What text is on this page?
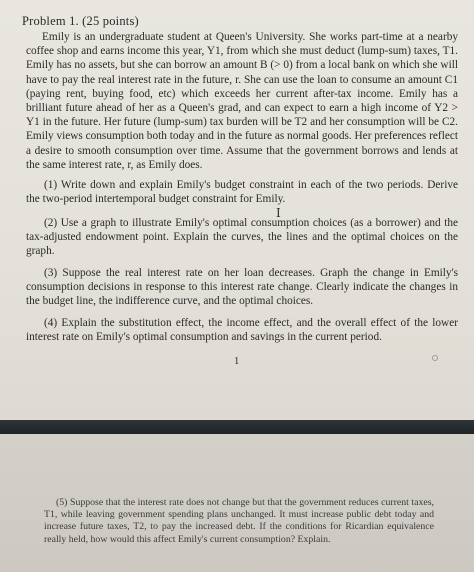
Problem 1. (25 points)
Emily is an undergraduate student at Queen's University. She works part-time at a nearby coffee shop and earns income this year, Y1, from which she must deduct (lump-sum) taxes, T1. Emily has no assets, but she can borrow an amount B (> 0) from a local bank on which she will have to pay the real interest rate in the future, r. She can use the loan to consume an amount C1 (paying rent, buying food, etc) which exceeds her current after-tax income. Emily has a brilliant future ahead of her as a Queen's grad, and can expect to earn a high income of Y2 > Y1 in the future. Her future (lump-sum) tax burden will be T2 and her consumption will be C2. Emily views consumption both today and in the future as normal goods. Her preferences reflect a desire to smooth consumption over time. Assume that the government borrows and lends at the same interest rate, r, as Emily does.
(1) Write down and explain Emily's budget constraint in each of the two periods. Derive the two-period intertemporal budget constraint for Emily.
(2) Use a graph to illustrate Emily's optimal consumption choices (as a borrower) and the tax-adjusted endowment point. Explain the curves, the lines and the optimal choices on the graph.
(3) Suppose the real interest rate on her loan decreases. Graph the change in Emily's consumption decisions in response to this interest rate change. Clearly indicate the changes in the budget line, the indifference curve, and the optimal choices.
(4) Explain the substitution effect, the income effect, and the overall effect of the lower interest rate on Emily's optimal consumption and savings in the current period.
1
(5) Suppose that the interest rate does not change but that the government reduces current taxes, T1, while leaving government spending plans unchanged. It must increase public debt today and increase future taxes, T2, to pay the increased debt. If the conditions for Ricardian equivalence really held, how would this affect Emily's current consumption? Explain.
Ⅰ
